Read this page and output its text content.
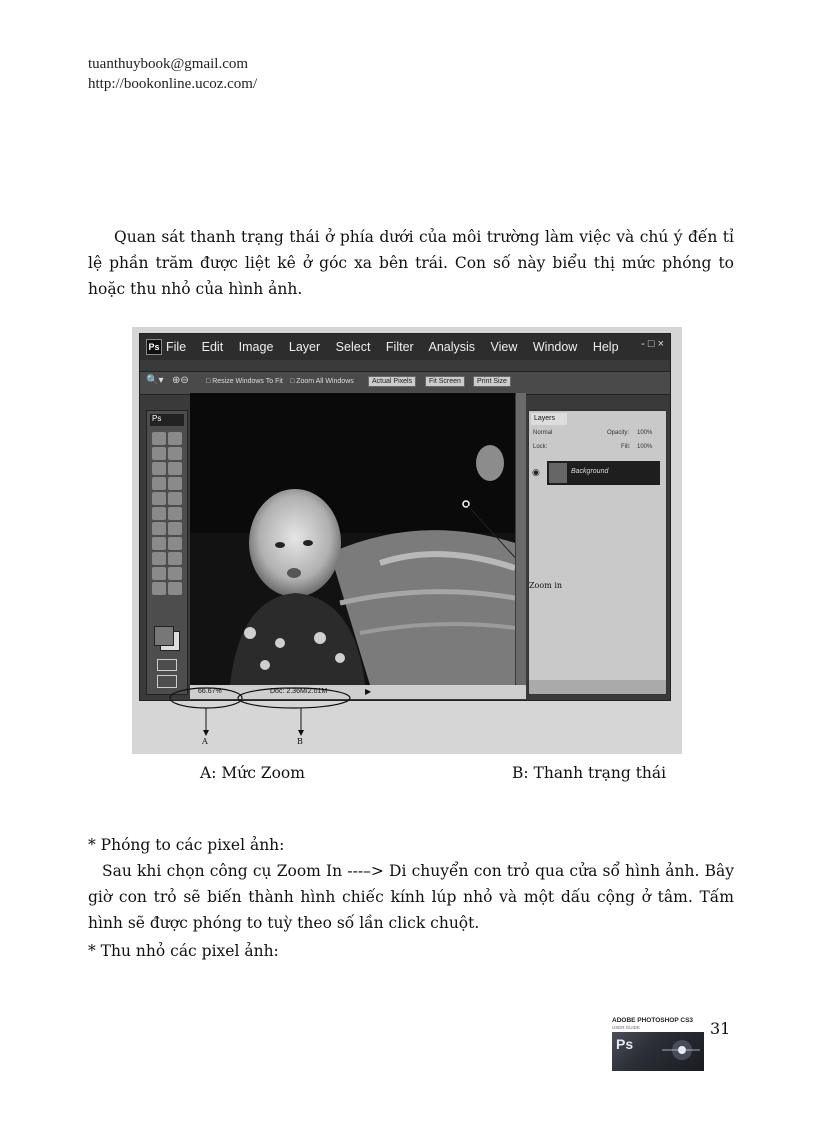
tuanthuybook@gmail.com
http://bookonline.ucoz.com/
Quan sát thanh trạng thái ở phía dưới của môi trường làm việc và chú ý đến tỉ lệ phần trăm được liệt kê ở góc xa bên trái. Con số này biểu thị mức phóng to hoặc thu nhỏ của hình ảnh.
Ps File Edit Image Layer Select Filter Analysis View Window Help	- □ ×
🔍▾ ⊕⊖ □ Resize Windows To Fit □ Zoom All Windows	Actual Pixels	Fit Screen	Print Size
Ps
66.67%	Doc: 2.36M/2.01M	▶
Layers
Normal	Opacity: 100%
Lock:	Fill: 100%
◉	Background
Zoom in
A	B
A: Mức Zoom	B: Thanh trạng thái
* Phóng to các pixel ảnh:
Sau khi chọn công cụ Zoom In ---–> Di chuyển con trỏ qua cửa sổ hình ảnh. Bây giờ con trỏ sẽ biến thành hình chiếc kính lúp nhỏ và một dấu cộng ở tâm. Tấm hình sẽ được phóng to tuỳ theo số lần click chuột.
* Thu nhỏ các pixel ảnh:
ADOBE PHOTOSHOP CS3
USER GUIDE
Ps
31
